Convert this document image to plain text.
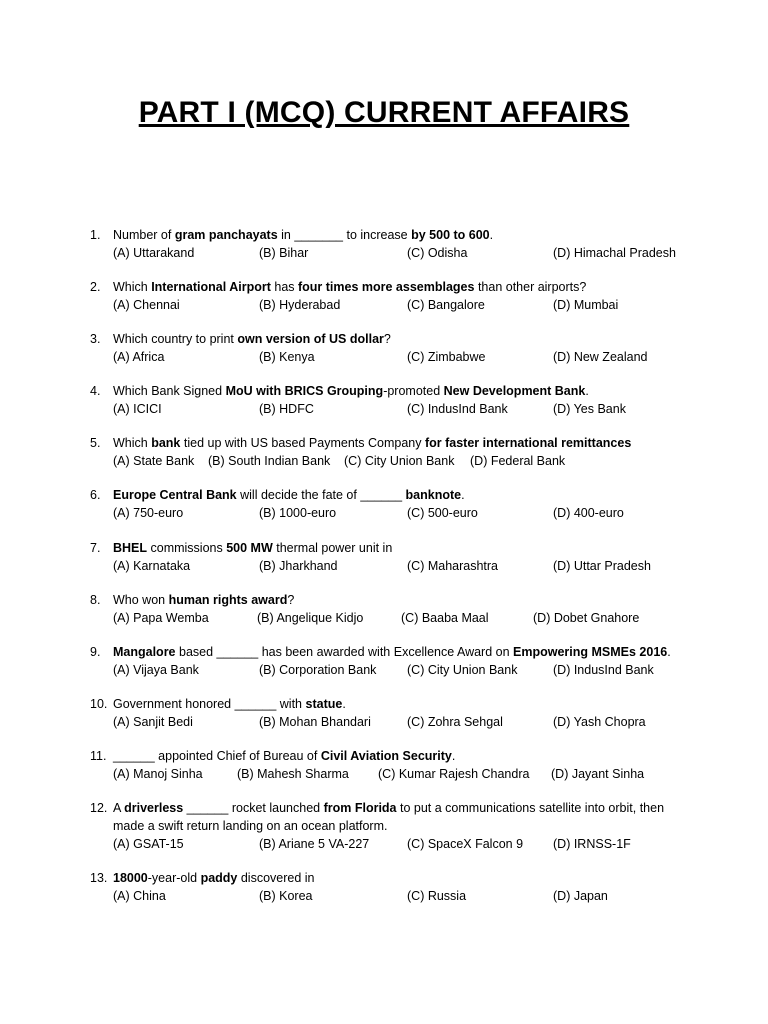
PART I (MCQ) CURRENT AFFAIRS
1. Number of gram panchayats in _______ to increase by 500 to 600.
(A) Uttarakand	(B) Bihar	(C) Odisha	(D) Himachal Pradesh
2. Which International Airport has four times more assemblages than other airports?
(A) Chennai	(B) Hyderabad	(C) Bangalore	(D) Mumbai
3. Which country to print own version of US dollar?
(A) Africa	(B) Kenya	(C) Zimbabwe	(D) New Zealand
4. Which Bank Signed MoU with BRICS Grouping-promoted New Development Bank.
(A) ICICI	(B) HDFC	(C) IndusInd Bank	(D) Yes Bank
5. Which bank tied up with US based Payments Company for faster international remittances
(A) State Bank (B) South Indian Bank (C) City Union Bank (D) Federal Bank
6. Europe Central Bank will decide the fate of ______ banknote.
(A) 750-euro	(B) 1000-euro	(C) 500-euro	(D) 400-euro
7. BHEL commissions 500 MW thermal power unit in
(A) Karnataka	(B) Jharkhand	(C) Maharashtra	(D) Uttar Pradesh
8. Who won human rights award?
(A) Papa Wemba	(B) Angelique Kidjo	(C) Baaba Maal	(D) Dobet Gnahore
9. Mangalore based ______ has been awarded with Excellence Award on Empowering MSMEs 2016.
(A) Vijaya Bank	(B) Corporation Bank (C) City Union Bank	(D) IndusInd Bank
10. Government honored ______ with statue.
(A) Sanjit Bedi	(B) Mohan Bhandari	(C) Zohra Sehgal	(D) Yash Chopra
11. ______ appointed Chief of Bureau of Civil Aviation Security.
(A) Manoj Sinha	(B) Mahesh Sharma (C) Kumar Rajesh Chandra (D) Jayant Sinha
12. A driverless ______ rocket launched from Florida to put a communications satellite into orbit, then made a swift return landing on an ocean platform.
(A) GSAT-15	(B) Ariane 5 VA-227	(C) SpaceX Falcon 9 (D) IRNSS-1F
13. 18000-year-old paddy discovered in
(A) China	(B) Korea	(C) Russia	(D) Japan
